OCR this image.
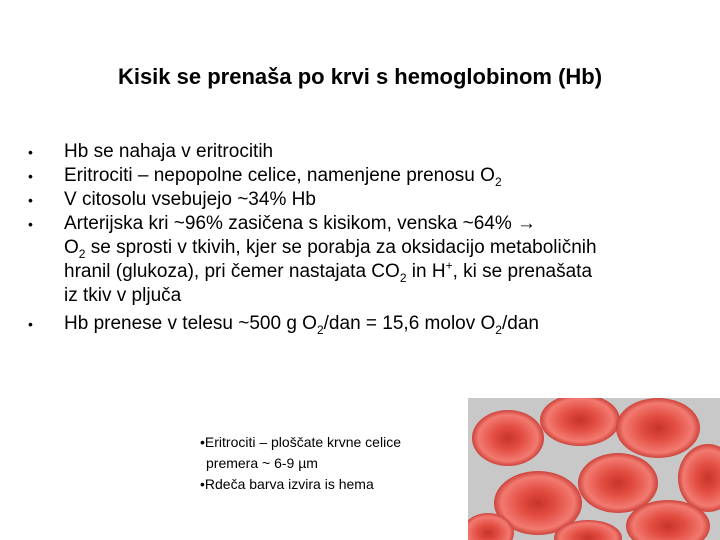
Kisik se prenaša po krvi s hemoglobinom (Hb)
• Hb se nahaja v eritrocitih
• Eritrociti – nepopolne celice, namenjene prenosu $O_2$
• V citosolu vsebujejo ~34% Hb
• Arterijska kri ~96% zasičena s kisikom, venska ~64% →
$O_2$ se sprosti v tkivih, kjer se porabja za oksidacijo metaboličnih
hranil (glukoza), pri čemer nastajata $CO_2$ in H+, ki se prenašata
iz tkiv v pljuča
• Hb prenese v telesu ~500 g $O_2$/dan = 15,6 molov $O_2$/dan
•Eritrociti – ploščate krvne celice
premera ~ 6-9 µm
•Rdeča barva izvira is hema
